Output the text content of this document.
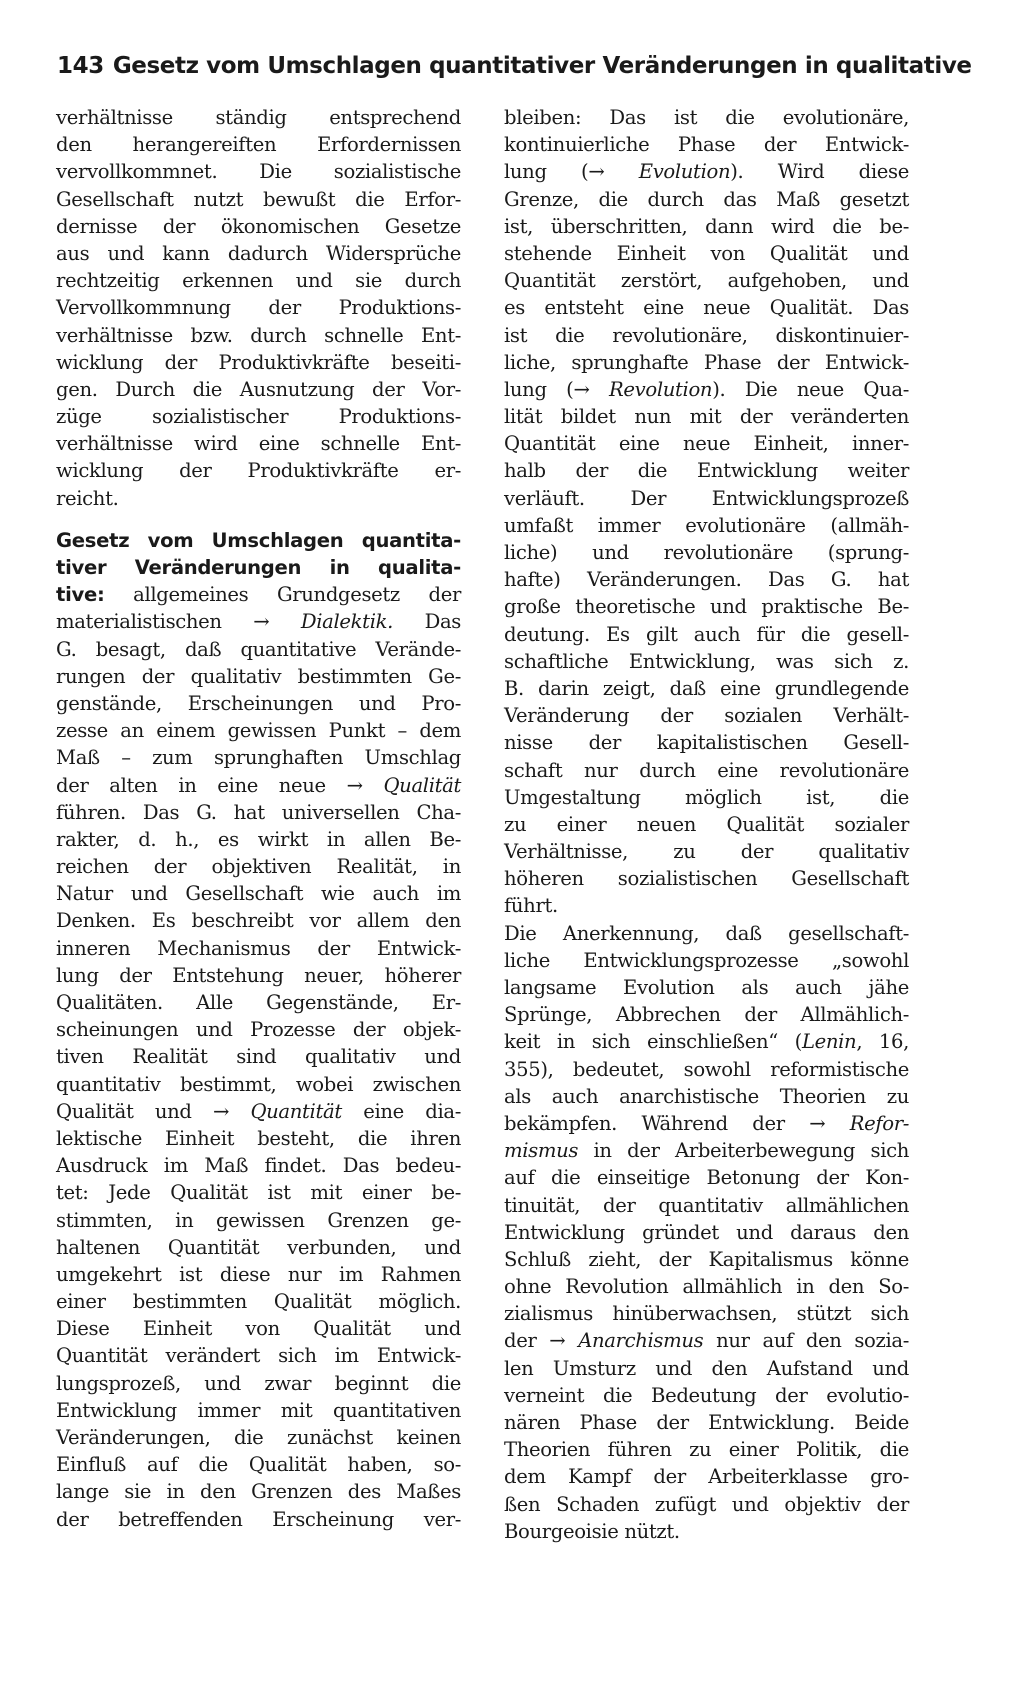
143 Gesetz vom Umschlagen quantitativer Veränderungen in qualitative
verhältnisse ständig entsprechend
den herangereiften Erfordernissen
vervollkommnet. Die sozialistische
Gesellschaft nutzt bewußt die Erfor-
dernisse der ökonomischen Gesetze
aus und kann dadurch Widersprüche
rechtzeitig erkennen und sie durch
Vervollkommnung der Produktions-
verhältnisse bzw. durch schnelle Ent-
wicklung der Produktivkräfte beseiti-
gen. Durch die Ausnutzung der Vor-
züge sozialistischer Produktions-
verhältnisse wird eine schnelle Ent-
wicklung der Produktivkräfte er-
reicht.
Gesetz vom Umschlagen quantita-
tiver Veränderungen in qualita-
tive: allgemeines Grundgesetz der
materialistischen → Dialektik. Das
G. besagt, daß quantitative Verände-
rungen der qualitativ bestimmten Ge-
genstände, Erscheinungen und Pro-
zesse an einem gewissen Punkt – dem
Maß – zum sprunghaften Umschlag
der alten in eine neue → Qualität
führen. Das G. hat universellen Cha-
rakter, d. h., es wirkt in allen Be-
reichen der objektiven Realität, in
Natur und Gesellschaft wie auch im
Denken. Es beschreibt vor allem den
inneren Mechanismus der Entwick-
lung der Entstehung neuer, höherer
Qualitäten. Alle Gegenstände, Er-
scheinungen und Prozesse der objek-
tiven Realität sind qualitativ und
quantitativ bestimmt, wobei zwischen
Qualität und → Quantität eine dia-
lektische Einheit besteht, die ihren
Ausdruck im Maß findet. Das bedeu-
tet: Jede Qualität ist mit einer be-
stimmten, in gewissen Grenzen ge-
haltenen Quantität verbunden, und
umgekehrt ist diese nur im Rahmen
einer bestimmten Qualität möglich.
Diese Einheit von Qualität und
Quantität verändert sich im Entwick-
lungsprozeß, und zwar beginnt die
Entwicklung immer mit quantitativen
Veränderungen, die zunächst keinen
Einfluß auf die Qualität haben, so-
lange sie in den Grenzen des Maßes
der betreffenden Erscheinung ver-
bleiben: Das ist die evolutionäre,
kontinuierliche Phase der Entwick-
lung (→ Evolution). Wird diese
Grenze, die durch das Maß gesetzt
ist, überschritten, dann wird die be-
stehende Einheit von Qualität und
Quantität zerstört, aufgehoben, und
es entsteht eine neue Qualität. Das
ist die revolutionäre, diskontinuier-
liche, sprunghafte Phase der Entwick-
lung (→ Revolution). Die neue Qua-
lität bildet nun mit der veränderten
Quantität eine neue Einheit, inner-
halb der die Entwicklung weiter
verläuft. Der Entwicklungsprozeß
umfaßt immer evolutionäre (allmäh-
liche) und revolutionäre (sprung-
hafte) Veränderungen. Das G. hat
große theoretische und praktische Be-
deutung. Es gilt auch für die gesell-
schaftliche Entwicklung, was sich z.
B. darin zeigt, daß eine grundlegende
Veränderung der sozialen Verhält-
nisse der kapitalistischen Gesell-
schaft nur durch eine revolutionäre
Umgestaltung möglich ist, die
zu einer neuen Qualität sozialer
Verhältnisse, zu der qualitativ
höheren sozialistischen Gesellschaft
führt.
Die Anerkennung, daß gesellschaft-
liche Entwicklungsprozesse „sowohl
langsame Evolution als auch jähe
Sprünge, Abbrechen der Allmählich-
keit in sich einschließen“ (Lenin, 16,
355), bedeutet, sowohl reformistische
als auch anarchistische Theorien zu
bekämpfen. Während der → Refor-
mismus in der Arbeiterbewegung sich
auf die einseitige Betonung der Kon-
tinuität, der quantitativ allmählichen
Entwicklung gründet und daraus den
Schluß zieht, der Kapitalismus könne
ohne Revolution allmählich in den So-
zialismus hinüberwachsen, stützt sich
der → Anarchismus nur auf den sozia-
len Umsturz und den Aufstand und
verneint die Bedeutung der evolutio-
nären Phase der Entwicklung. Beide
Theorien führen zu einer Politik, die
dem Kampf der Arbeiterklasse gro-
ßen Schaden zufügt und objektiv der
Bourgeoisie nützt.
